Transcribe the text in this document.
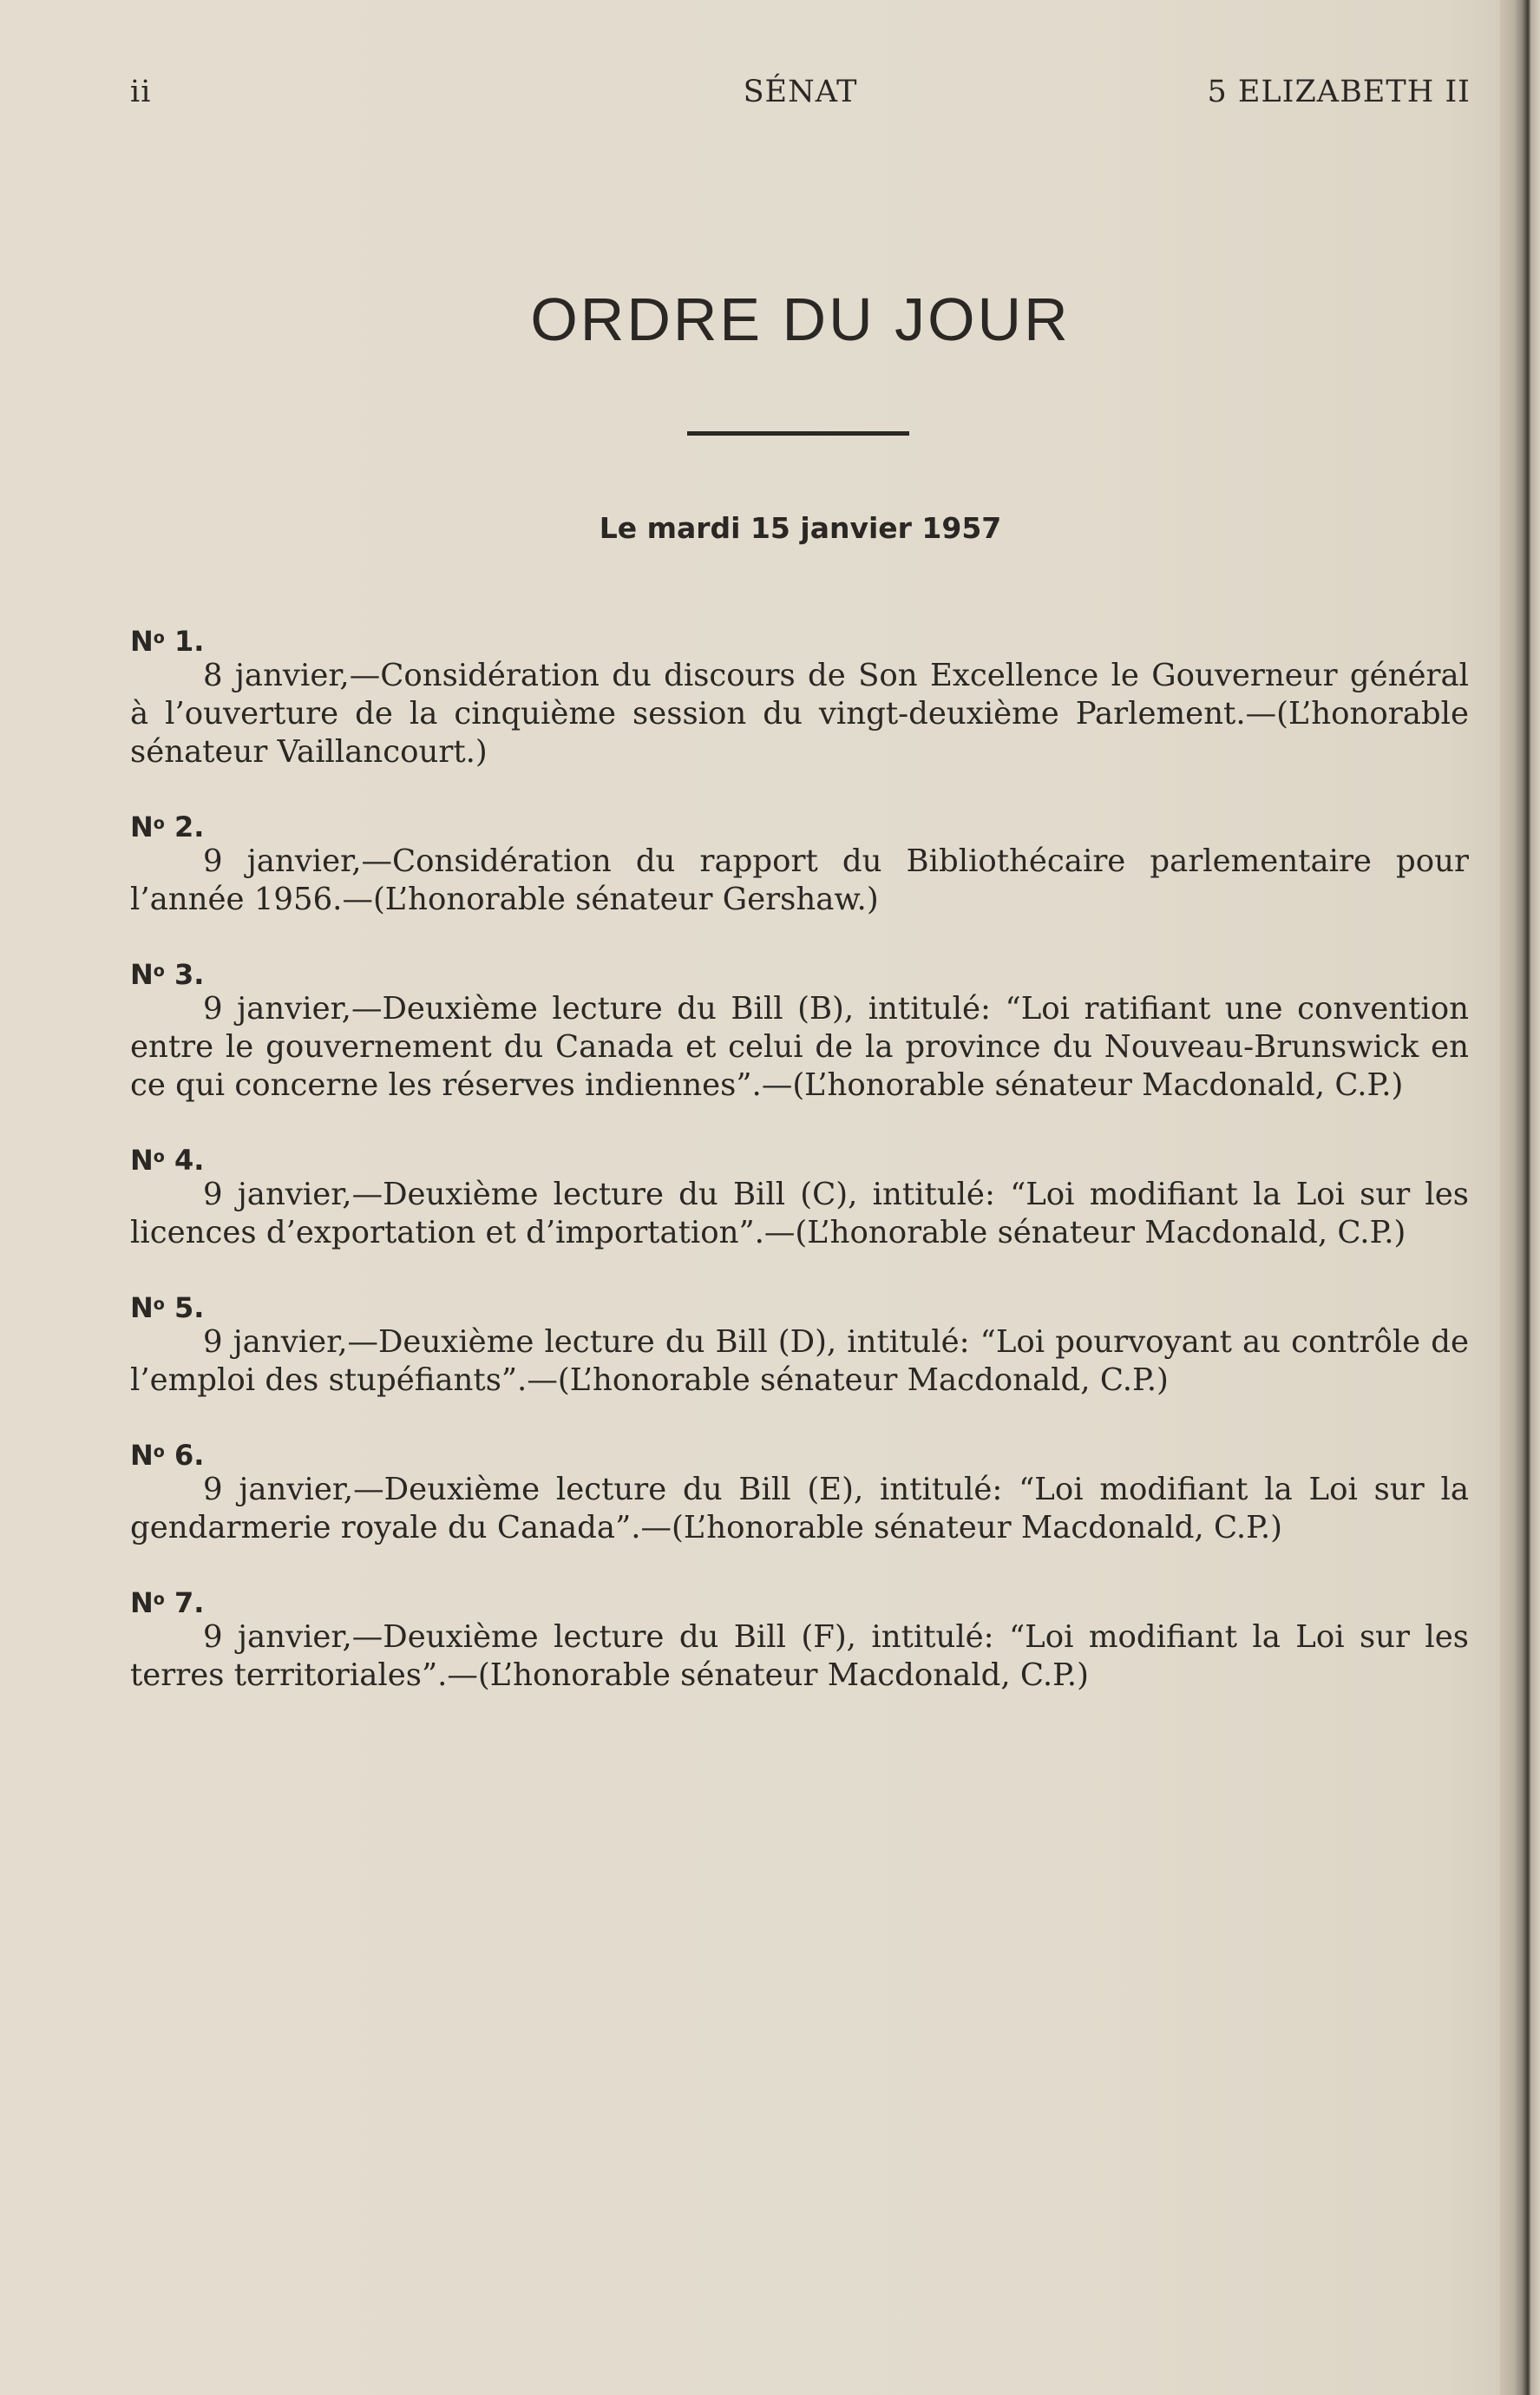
ii	SÉNAT	5 ELIZABETH II
ORDRE DU JOUR
Le mardi 15 janvier 1957
$N^o$ 1.

8 janvier,—Considération du discours de Son Excellence le Gouverneur général à l’ouverture de la cinquième session du vingt-deuxième Parlement.—(L’honorable sénateur Vaillancourt.)

$N^o$ 2.

9 janvier,—Considération du rapport du Bibliothécaire parlementaire pour l’année 1956.—(L’honorable sénateur Gershaw.)

$N^o$ 3.

9 janvier,—Deuxième lecture du Bill (B), intitulé: “Loi ratifiant une convention entre le gouvernement du Canada et celui de la province du Nouveau-Brunswick en ce qui concerne les réserves indiennes”.—(L’honorable sénateur Macdonald, C.P.)

$N^o$ 4.

9 janvier,—Deuxième lecture du Bill (C), intitulé: “Loi modifiant la Loi sur les licences d’exportation et d’importation”.—(L’honorable sénateur Macdonald, C.P.)

$N^o$ 5.

9 janvier,—Deuxième lecture du Bill (D), intitulé: “Loi pourvoyant au contrôle de l’emploi des stupéfiants”.—(L’honorable sénateur Macdonald, C.P.)

$N^o$ 6.

9 janvier,—Deuxième lecture du Bill (E), intitulé: “Loi modifiant la Loi sur la gendarmerie royale du Canada”.—(L’honorable sénateur Macdonald, C.P.)

$N^o$ 7.

9 janvier,—Deuxième lecture du Bill (F), intitulé: “Loi modifiant la Loi sur les terres territoriales”.—(L’honorable sénateur Macdonald, C.P.)
